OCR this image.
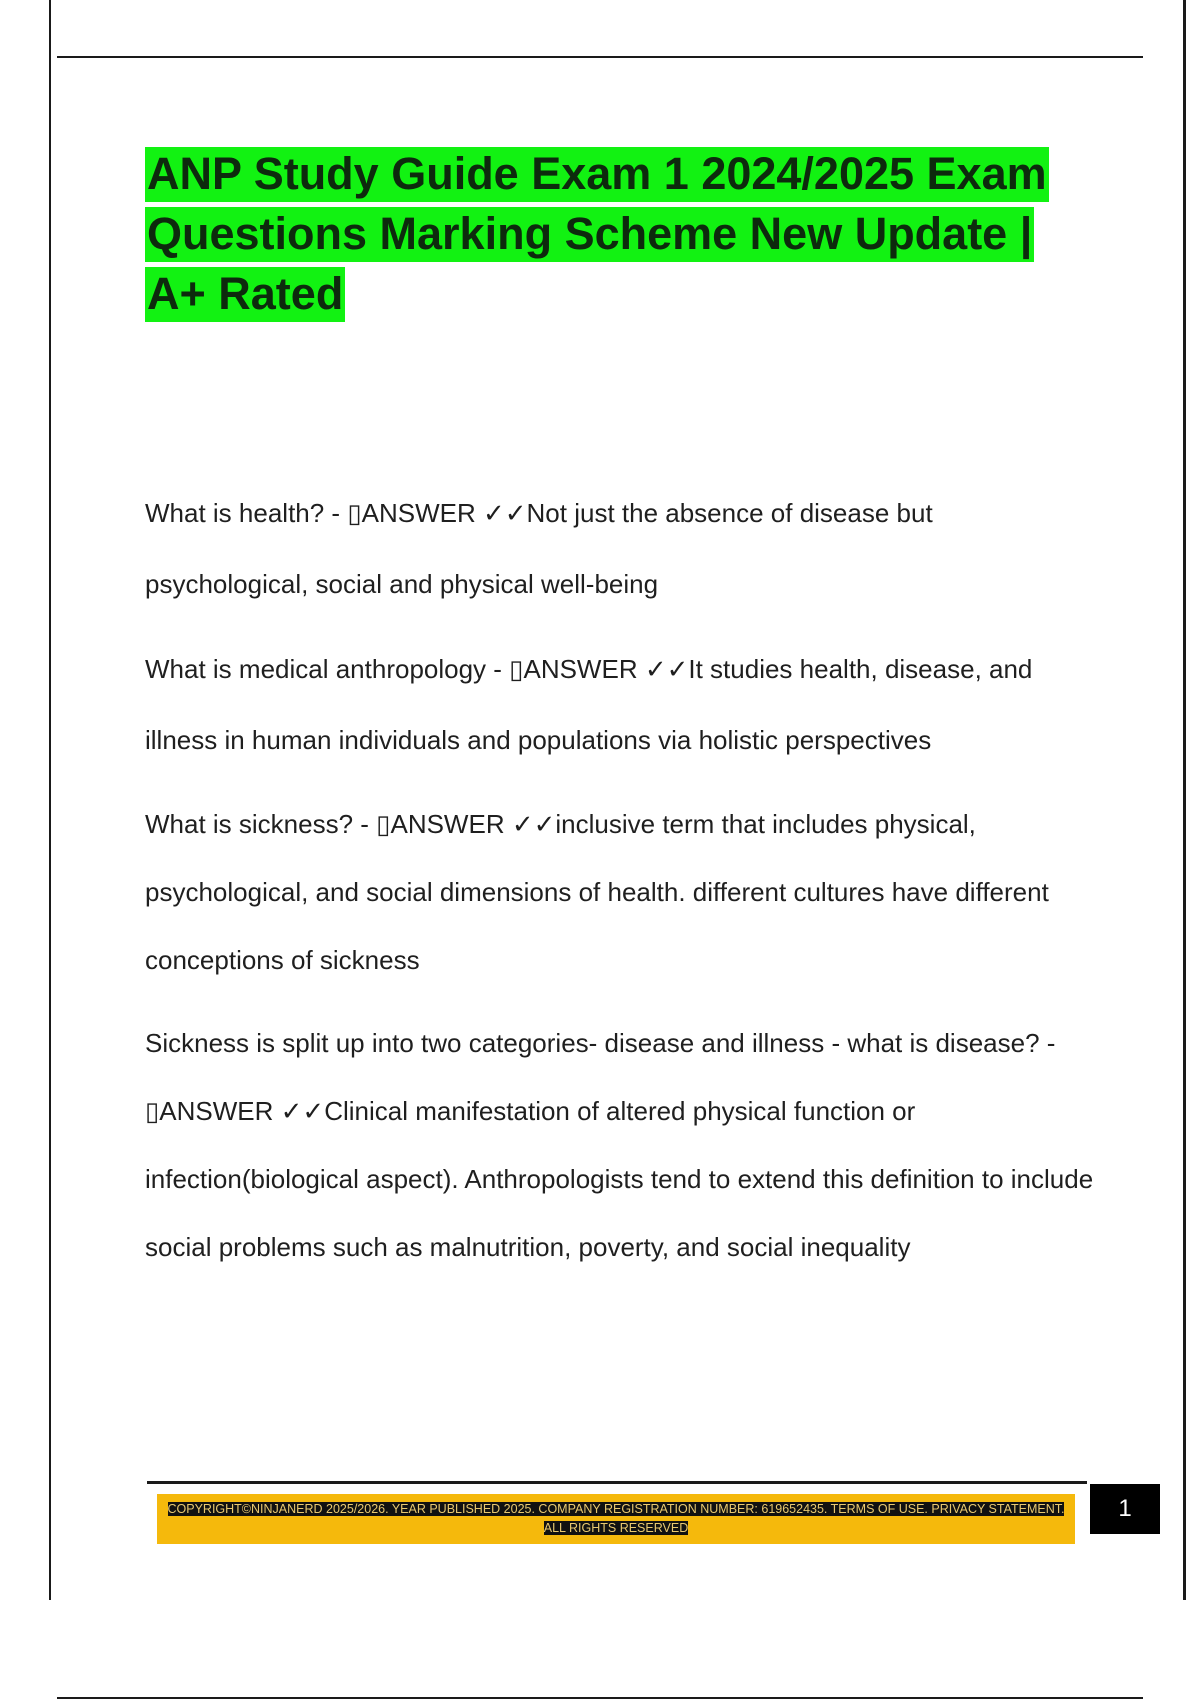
ANP Study Guide Exam 1 2024/2025 Exam Questions Marking Scheme New Update | A+ Rated

What is health? - ▯ANSWER ✓✓Not just the absence of disease but psychological, social and physical well-being

What is medical anthropology - ▯ANSWER ✓✓It studies health, disease, and illness in human individuals and populations via holistic perspectives

What is sickness? - ▯ANSWER ✓✓inclusive term that includes physical, psychological, and social dimensions of health. different cultures have different conceptions of sickness

Sickness is split up into two categories- disease and illness - what is disease? - ▯ANSWER ✓✓Clinical manifestation of altered physical function or infection(biological aspect). Anthropologists tend to extend this definition to include social problems such as malnutrition, poverty, and social inequality

COPYRIGHT©NINJANERD 2025/2026. YEAR PUBLISHED 2025. COMPANY REGISTRATION NUMBER: 619652435. TERMS OF USE. PRIVACY STATEMENT. ALL RIGHTS RESERVED
1
